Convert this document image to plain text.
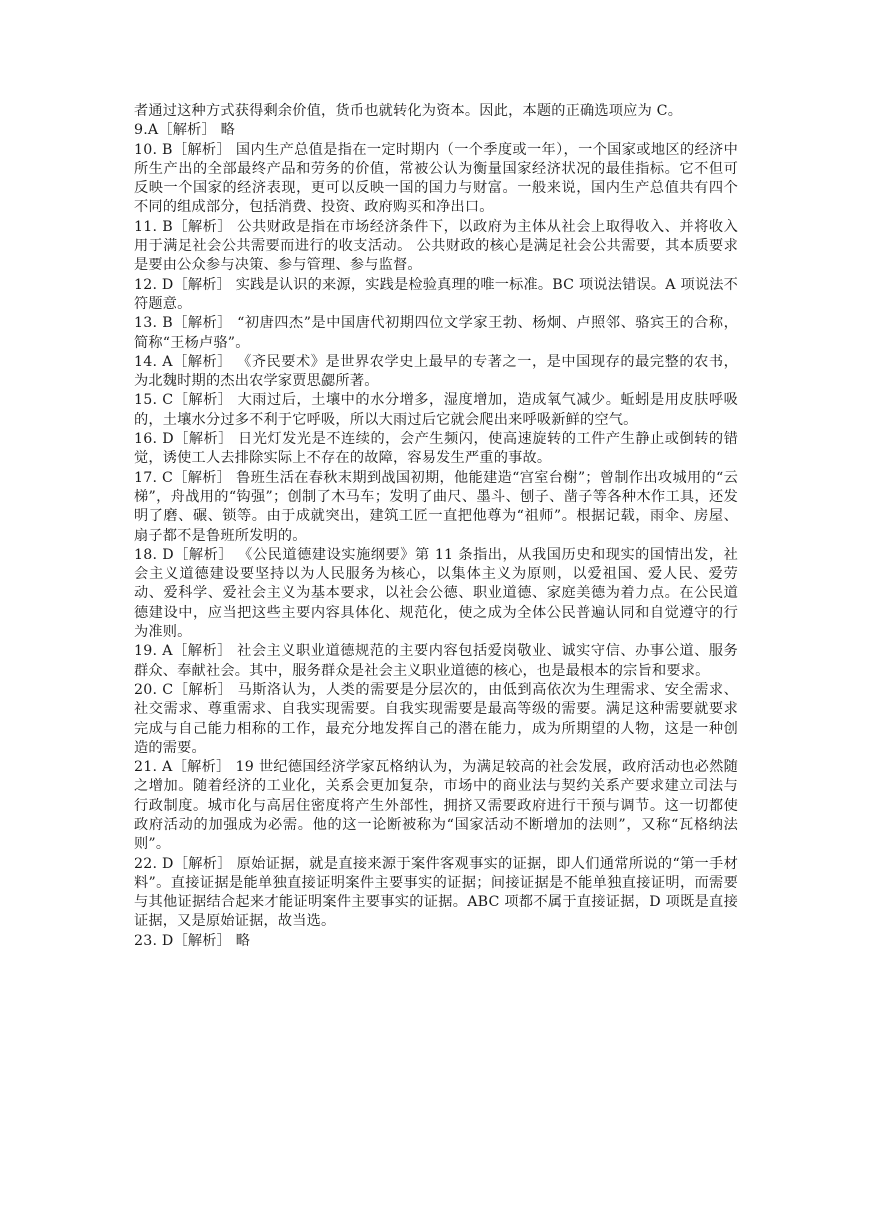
者通过这种方式获得剩余价值，货币也就转化为资本。因此，本题的正确选项应为 C。

9.A［解析］ 略

10. B［解析］ 国内生产总值是指在一定时期内（一个季度或一年），一个国家或地区的经济中所生产出的全部最终产品和劳务的价值，常被公认为衡量国家经济状况的最佳指标。它不但可反映一个国家的经济表现，更可以反映一国的国力与财富。一般来说，国内生产总值共有四个不同的组成部分，包括消费、投资、政府购买和净出口。

11. B［解析］ 公共财政是指在市场经济条件下，以政府为主体从社会上取得收入、并将收入用于满足社会公共需要而进行的收支活动。 公共财政的核心是满足社会公共需要，其本质要求是要由公众参与决策、参与管理、参与监督。

12. D［解析］ 实践是认识的来源，实践是检验真理的唯一标准。BC 项说法错误。A 项说法不符题意。

13. B［解析］ “初唐四杰”是中国唐代初期四位文学家王勃、杨炯、卢照邻、骆宾王的合称，简称“王杨卢骆”。

14. A［解析］ 《齐民要术》是世界农学史上最早的专著之一，是中国现存的最完整的农书，为北魏时期的杰出农学家贾思勰所著。

15. C［解析］ 大雨过后，土壤中的水分增多，湿度增加，造成氧气减少。蚯蚓是用皮肤呼吸的，土壤水分过多不利于它呼吸，所以大雨过后它就会爬出来呼吸新鲜的空气。

16. D［解析］ 日光灯发光是不连续的，会产生频闪，使高速旋转的工件产生静止或倒转的错觉，诱使工人去排除实际上不存在的故障，容易发生严重的事故。

17. C［解析］ 鲁班生活在春秋末期到战国初期，他能建造“宫室台榭”；曾制作出攻城用的“云梯”，舟战用的“钩强”；创制了木马车；发明了曲尺、墨斗、刨子、凿子等各种木作工具，还发明了磨、碾、锁等。由于成就突出，建筑工匠一直把他尊为“祖师”。根据记载，雨伞、房屋、扇子都不是鲁班所发明的。

18. D［解析］ 《公民道德建设实施纲要》第 11 条指出，从我国历史和现实的国情出发，社会主义道德建设要坚持以为人民服务为核心，以集体主义为原则，以爱祖国、爱人民、爱劳动、爱科学、爱社会主义为基本要求，以社会公德、职业道德、家庭美德为着力点。在公民道德建设中，应当把这些主要内容具体化、规范化，使之成为全体公民普遍认同和自觉遵守的行为准则。

19. A［解析］ 社会主义职业道德规范的主要内容包括爱岗敬业、诚实守信、办事公道、服务群众、奉献社会。其中，服务群众是社会主义职业道德的核心，也是最根本的宗旨和要求。

20. C［解析］ 马斯洛认为，人类的需要是分层次的，由低到高依次为生理需求、安全需求、社交需求、尊重需求、自我实现需要。自我实现需要是最高等级的需要。满足这种需要就要求完成与自己能力相称的工作，最充分地发挥自己的潜在能力，成为所期望的人物，这是一种创造的需要。

21. A［解析］ 19 世纪德国经济学家瓦格纳认为，为满足较高的社会发展，政府活动也必然随之增加。随着经济的工业化，关系会更加复杂，市场中的商业法与契约关系产要求建立司法与行政制度。城市化与高居住密度将产生外部性，拥挤又需要政府进行干预与调节。这一切都使政府活动的加强成为必需。他的这一论断被称为“国家活动不断增加的法则”，又称“瓦格纳法则”。

22. D［解析］ 原始证据，就是直接来源于案件客观事实的证据，即人们通常所说的“第一手材料”。直接证据是能单独直接证明案件主要事实的证据；间接证据是不能单独直接证明，而需要与其他证据结合起来才能证明案件主要事实的证据。ABC 项都不属于直接证据，D 项既是直接证据，又是原始证据，故当选。

23. D［解析］ 略
